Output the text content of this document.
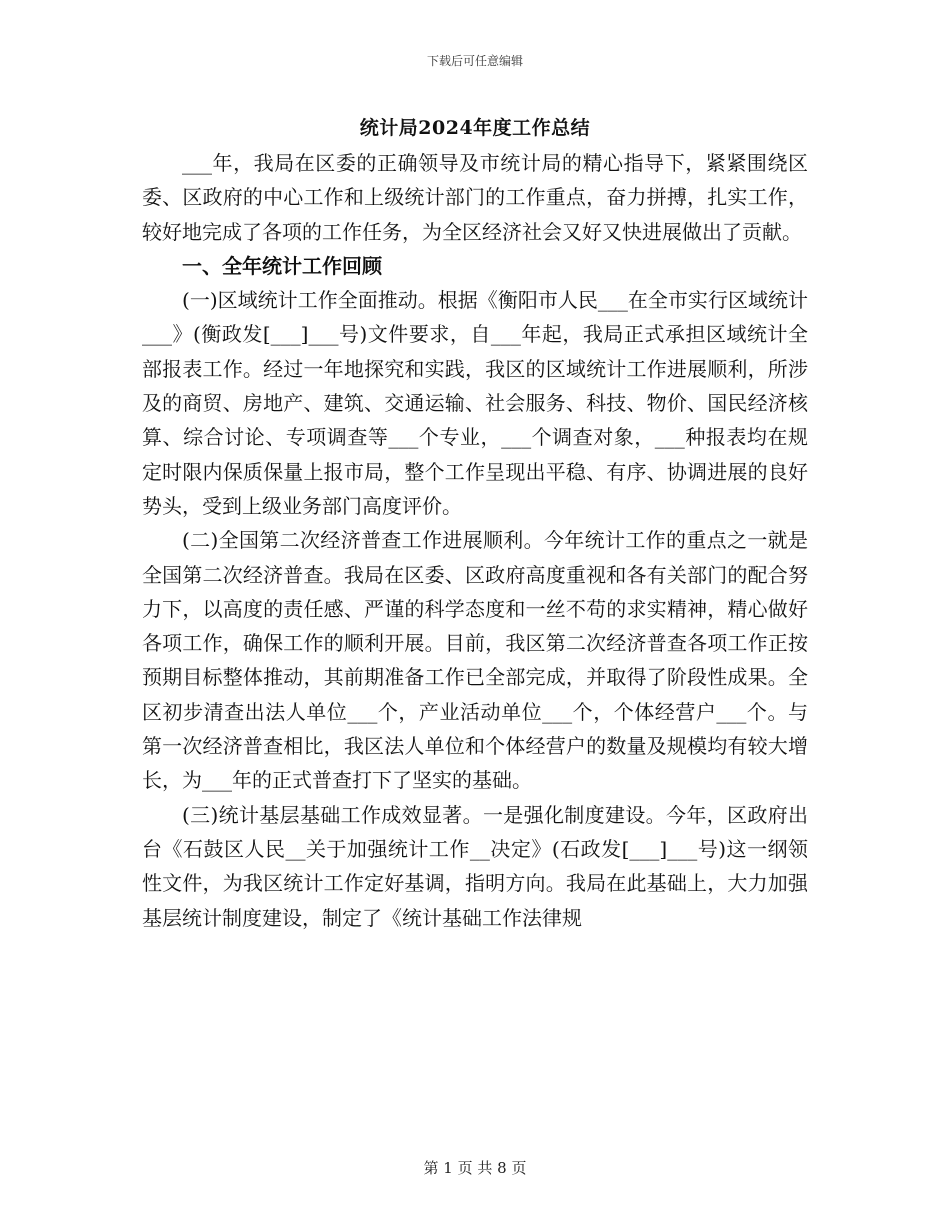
下载后可任意编辑
统计局2024年度工作总结

___年，我局在区委的正确领导及市统计局的精心指导下，紧紧围绕区委、区政府的中心工作和上级统计部门的工作重点，奋力拼搏，扎实工作，较好地完成了各项的工作任务，为全区经济社会又好又快进展做出了贡献。

一、全年统计工作回顾

(一)区域统计工作全面推动。根据《衡阳市人民___在全市实行区域统计___》(衡政发[___]___号)文件要求，自___年起，我局正式承担区域统计全部报表工作。经过一年地探究和实践，我区的区域统计工作进展顺利，所涉及的商贸、房地产、建筑、交通运输、社会服务、科技、物价、国民经济核算、综合讨论、专项调查等___个专业，___个调查对象，___种报表均在规定时限内保质保量上报市局，整个工作呈现出平稳、有序、协调进展的良好势头，受到上级业务部门高度评价。

(二)全国第二次经济普查工作进展顺利。今年统计工作的重点之一就是全国第二次经济普查。我局在区委、区政府高度重视和各有关部门的配合努力下，以高度的责任感、严谨的科学态度和一丝不苟的求实精神，精心做好各项工作，确保工作的顺利开展。目前，我区第二次经济普查各项工作正按预期目标整体推动，其前期准备工作已全部完成，并取得了阶段性成果。全区初步清查出法人单位___个，产业活动单位___个，个体经营户___个。与第一次经济普查相比，我区法人单位和个体经营户的数量及规模均有较大增长，为___年的正式普查打下了坚实的基础。

(三)统计基层基础工作成效显著。一是强化制度建设。今年，区政府出台《石鼓区人民__关于加强统计工作__决定》(石政发[___]___号)这一纲领性文件，为我区统计工作定好基调，指明方向。我局在此基础上，大力加强基层统计制度建设，制定了《统计基础工作法律规

第 1 页 共 8 页
